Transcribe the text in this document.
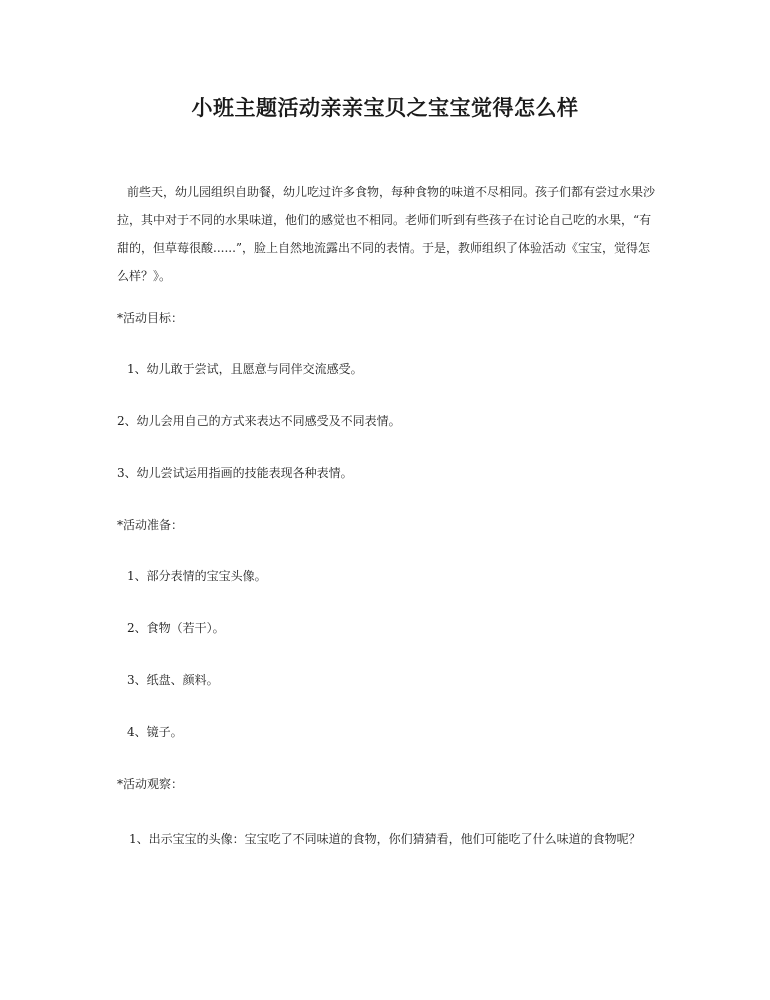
小班主题活动亲亲宝贝之宝宝觉得怎么样

前些天，幼儿园组织自助餐，幼儿吃过许多食物，每种食物的味道不尽相同。孩子们都有尝过水果沙拉，其中对于不同的水果味道，他们的感觉也不相同。老师们听到有些孩子在讨论自己吃的水果，“有甜的，但草莓很酸......”，脸上自然地流露出不同的表情。于是，教师组织了体验活动《宝宝，觉得怎么样？》。

*活动目标：

1、幼儿敢于尝试，且愿意与同伴交流感受。

2、幼儿会用自己的方式来表达不同感受及不同表情。

3、幼儿尝试运用指画的技能表现各种表情。

*活动准备：

1、部分表情的宝宝头像。

2、食物（若干）。

3、纸盘、颜料。

4、镜子。

*活动观察：

1、出示宝宝的头像：宝宝吃了不同味道的食物，你们猜猜看，他们可能吃了什么味道的食物呢？
